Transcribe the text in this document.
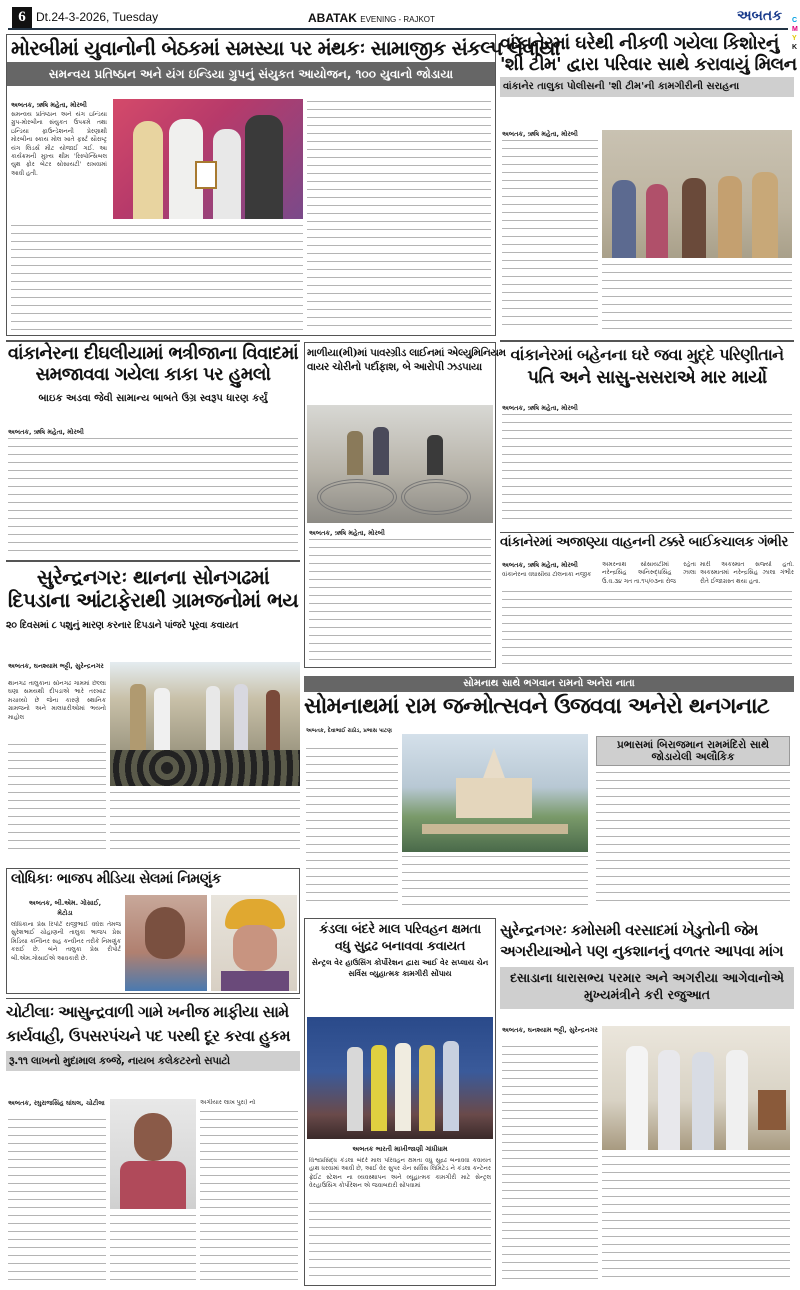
6 Dt.24-3-2026, Tuesday	ABATAK EVENING - RAJKOT	અબતક C
M
Y
K
મોરબીમાં યુવાનોની બેઠકમાં સમસ્યા પર મંથકઃ સામાજીક સંકલ્પ લેવાયા
સમન્વય પ્રતિષ્ઠાન અને યંગ ઇન્ડિયા ગ્રુપનું સંયુકત આયોજન, ૧૦૦ યુવાનો જોડાયા
અબતક, ઋષિ મહેતા, મોરબી
સમન્વય પ્રતિષ્ઠાન અને યંગ ઇન્ડિયા ગ્રુપ-મોરબીના સંયુકત ઉપક્રમે તથા ઇન્ડિયા ફાઉન્ડેશનની પ્રેરણાથી મોરબીના સ્કાય મોલ ખાતે ફર્સ્ટ સૌરાષ્ટ્ર યંગ લિડર્સ મીટ યોજાઈ ગઈ. આ કાર્યક્રમની મુખ્ય થીમ 'રિસ્પોન્સિબલ યુથ ફોર બેટર સોસાયટી' રાખવામાં આવી હતી.
વાંકાનેરમાં ઘરેથી નીકળી ગયેલા કિશોરનું
'શી ટીમ' દ્વારા પરિવાર સાથે કરાવાયું મિલન
વાંકાનેર તાલુકા પોલીસની 'શી ટીમ'ની કામગીરીની સરાહના
અબતક, ઋષિ મહેતા, મોરબી
વાંકાનેરના દીઘલીયામાં ભત્રીજાના વિવાદમાં
સમજાવવા ગયેલા કાકા પર હુમલો
બાઇક અડવા જેવી સામાન્ય બાબતે ઉગ્ર સ્વરૂપ ધારણ કર્યું
અબતક, ઋષિ મહેતા, મોરબી
માળીયા(મી)માં પાવરગ્રીડ લાઈનમાં એલ્યુમિનિયમ
વાયર ચોરીનો પર્દાફાશ, બે આરોપી ઝડપાયા
અબતક, ઋષિ મહેતા, મોરબી
વાંકાનેરમાં બહેનના ઘરે જવા મુદ્દે પરિણીતાને
પતિ અને સાસુ-સસરાએ માર માર્યો
અબતક, ઋષિ મહેતા, મોરબી
વાંકાનેરમાં અજાણ્યા વાહનની ટક્કરે બાઈકચાલક ગંભીર
અબતક, ઋષિ મહેતા, મોરબી
વાંકાનેરના વઘાસીયા ટોલનાકા નજીક
અમરનાથ સોસાયટીમાં રહેતા નરેન્દ્રસિંહ અનિરુદ્ધસિંહ ઝાલા ઉ.વ.૩૪ ગત તા.૧૫/૦૩ના રોજ
મારી અકસ્માત સર્જ્યો હતો. અકસ્માતમાં નરેન્દ્રસિંહ ઝાલા ગંભીર રીતે ઈજાગ્રસ્ત થયા હતા.
સુરેન્દ્રનગરઃ થાનના સોનગઢમાં
દિપડાના આંટાફેરાથી ગ્રામજનોમાં ભય
૨૦ દિવસમાં ૮ પશુનું મારણ કરનાર દિપડાને પાંજરે પૂરવા કવાયત
અબતક, ઘનશ્યામ ભટ્ટી, સુરેન્દ્રનગર
થાનગઢ તાલુકાના સોનગઢ ગામમાં છેલ્લા ઘણા સમયથી દીપડાએ ભારે તરખાટ મચાવ્યો છે જેના કારણે સ્થાનિક ગ્રામજનો અને માલધારીઓમાં ભયનો માહોલ
સોમનાથ સાથે ભગવાન રામનો અનેરા નાતા
સોમનાથમાં રામ જન્મોત્સવને ઉજવવા અનેરો થનગનાટ
અબતક, દેવાભાઈ રાઠોડ, પ્રભાસ પાટણ
પ્રભાસમાં બિરાજમાન રામમંદિરો સાથે જોડાયેલી અલૌકિક
લોધિકાઃ ભાજપ મીડિયા સેલમાં નિમણુંક
અબતક, બી.એમ. ગોસાઈ,
મેટોડા
લોધિકાના પ્રેસ રિપોર્ટ રાજીભાઈ વઘેરા તેમજ સુરેશભાઈ ચોહાણની તાલુકા ભાજપ પ્રેસ મિડિયા કન્વિનર સહ કન્વીનર તરીકે નિમણુંક કરાઈ છે. બંને તાલુકા પ્રેસ રીપોર્ટ બી.એમ.ગોસાઈએ આવકારી છે.
કંડલા બંદરે માલ પરિવહન ક્ષમતા
વધુ સુદ્રઢ બનાવવા કવાયત
સેન્ટ્રલ વેર હાઉસિંગ કોર્પોરેશન દ્વારા આઈ વેર સપ્લાય ચેન સર્વિસ વ્યુહાત્મક કામગીરી સોંપાય
અબતક ભારતી માખીજાણી ગાંધીધામ
વિશ્વપ્રસિદ્ધ કંડલા બંદરે માલ પરિવહન ક્ષમતા વધુ સુદ્રઢ બનાવવા કવાયત હાથ ધરવામાં આવી છે, આઈ વેર સુપર ચેન સર્વિસ લિમિટેડ ને કંડલા કન્ટેનર ફ્રેઈટ સ્ટેશન ના વ્યવસ્થાપન અને વ્યૂહાત્મક કામગીરી માટે સેન્ટ્રલ વેરહાઉસિંગ કોર્પોરેશન એ જવાબદારી સોંપવામાં
સુરેન્દ્રનગરઃ કમોસમી વરસાદમાં ખેડુતોની જેમ
અગરીયાઓને પણ નુકશાનનું વળતર આપવા માંગ
દસાડાના ધારાસભ્ય પરમાર અને અગરીયા આગેવાનોએ મુખ્યમંત્રીને કરી રજુઆત
અબતક, ઘનશ્યામ ભટ્ટી, સુરેન્દ્રનગર
ચોટીલાઃ આસુન્દ્રવાળી ગામે ખનીજ માફીયા સામે
કાર્યવાહી, ઉપસરપંચને પદ પરથી દૂર કરવા હુકમ
રૂ.૧૧ લાખનો મુદામાલ કબ્જે, નાયબ કલેકટરનો સપાટો
અબતક, રઘુરાજસિંહ ઘાંઘલ, ચોટીલા	અગીયાર લાખ પુરા) નો
